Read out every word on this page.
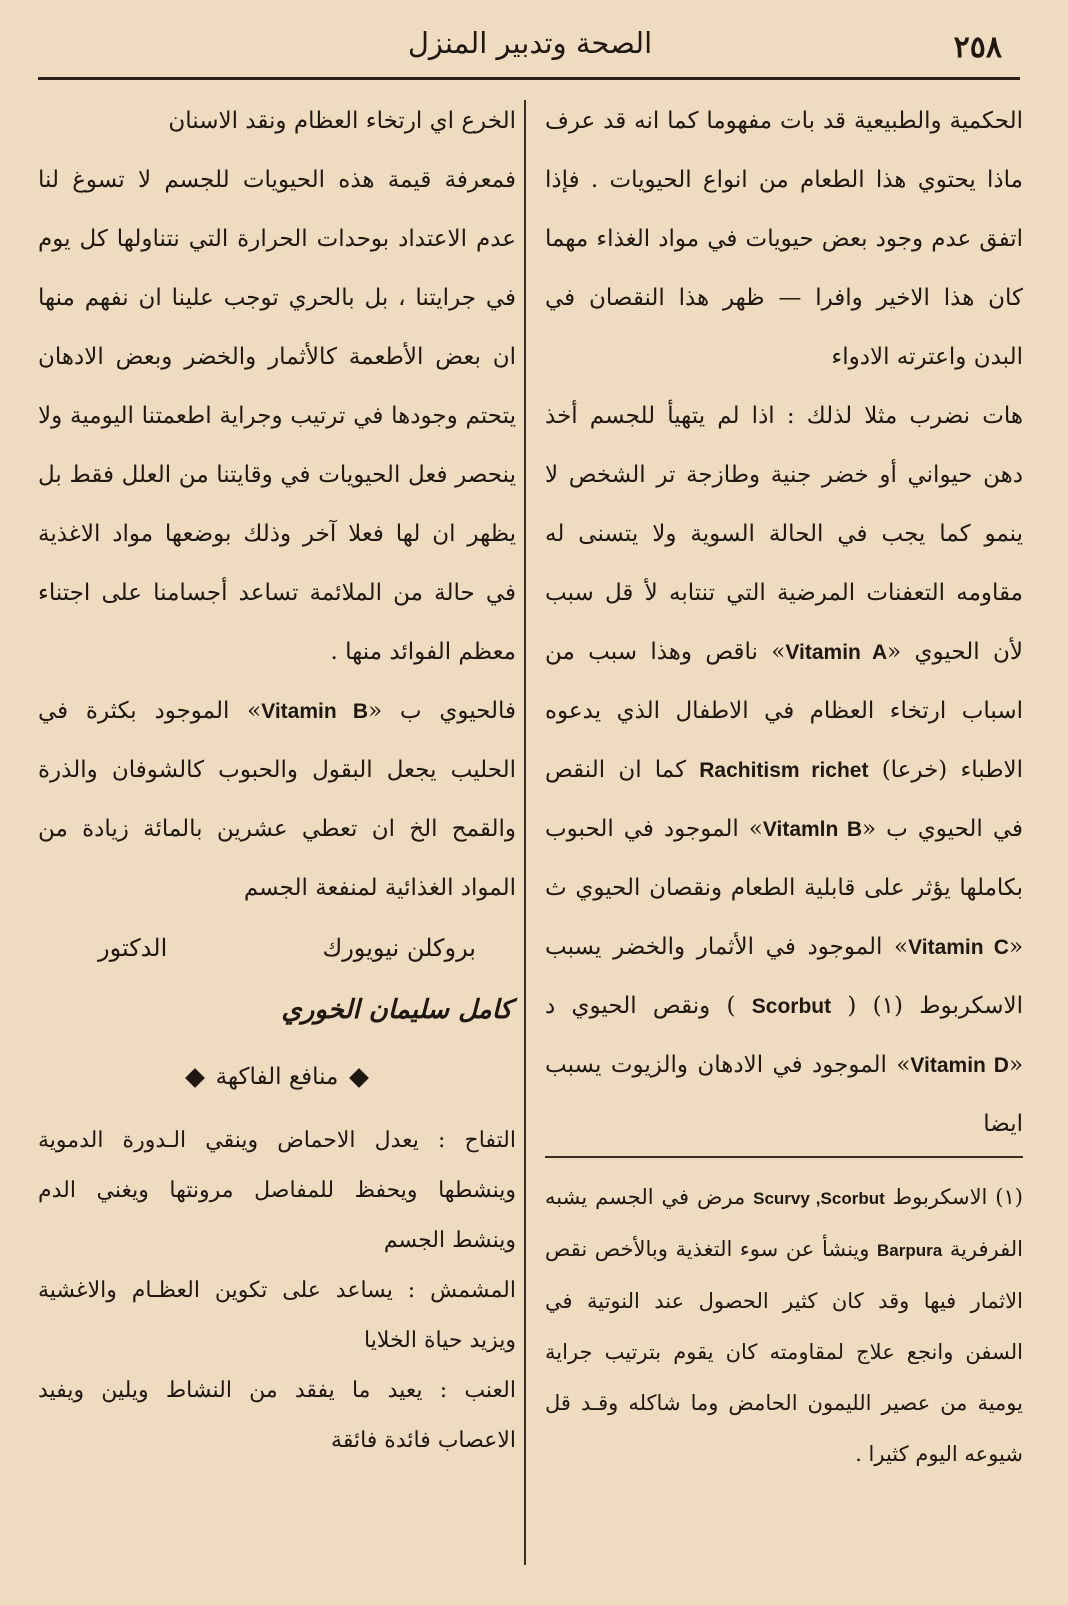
٢٥٨
الصحة وتدبير المنزل

الحكمية والطبيعية قد بات مفهوما كما انه قد عرف ماذا يحتوي هذا الطعام من انواع الحيويات . فإذا اتفق عدم وجود بعض حيويات في مواد الغذاء مهما كان هذا الاخير وافرا — ظهر هذا النقصان في البدن واعترته الادواء

هات نضرب مثلا لذلك : اذا لم يتهيأ للجسم أخذ دهن حيواني أو خضر جنية وطازجة تر الشخص لا ينمو كما يجب في الحالة السوية ولا يتسنى له مقاومه التعفنات المرضية التي تنتابه لأ قل سبب لأن الحيوي «Vitamin A» ناقص وهذا سبب من اسباب ارتخاء العظام في الاطفال الذي يدعوه الاطباء (خرعا) Rachitism richet كما ان النقص في الحيوي ب «Vitamln B» الموجود في الحبوب بكاملها يؤثر على قابلية الطعام ونقصان الحيوي ث «Vitamin C» الموجود في الأثمار والخضر يسبب الاسكربوط (١) ( Scorbut ) ونقص الحيوي د «Vitamin D» الموجود في الادهان والزيوت يسبب ايضا

(١) الاسكربوط Scurvy ,Scorbut مرض في الجسم يشبه الفرفرية Barpura وينشأ عن سوء التغذية وبالأخص نقص الاثمار فيها وقد كان كثير الحصول عند النوتية في السفن وانجع علاج لمقاومته كان يقوم بترتيب جراية يومية من عصير الليمون الحامض وما شاكله وقـد قل شيوعه اليوم كثيرا .

الخرع اي ارتخاء العظام ونقد الاسنان

فمعرفة قيمة هذه الحيويات للجسم لا تسوغ لنا عدم الاعتداد بوحدات الحرارة التي نتناولها كل يوم في جرايتنا ، بل بالحري توجب علينا ان نفهم منها ان بعض الأطعمة كالأثمار والخضر وبعض الادهان يتحتم وجودها في ترتيب وجراية اطعمتنا اليومية ولا ينحصر فعل الحيويات في وقايتنا من العلل فقط بل يظهر ان لها فعلا آخر وذلك بوضعها مواد الاغذية في حالة من الملائمة تساعد أجسامنا على اجتناء معظم الفوائد منها .

فالحيوي ب «Vitamin B» الموجود بكثرة في الحليب يجعل البقول والحبوب كالشوفان والذرة والقمح الخ ان تعطي عشرين بالمائة زيادة من المواد الغذائية لمنفعة الجسم

بروكلن نيويورك
الدكتور
كامل سليمان الخوري
منافع الفاكهة

التفاح : يعدل الاحماض وينقي الـدورة الدموية وينشطها ويحفظ للمفاصل مرونتها ويغني الدم وينشط الجسم

المشمش : يساعد على تكوين العظـام والاغشية ويزيد حياة الخلايا

العنب : يعيد ما يفقد من النشاط ويلين ويفيد الاعصاب فائدة فائقة
